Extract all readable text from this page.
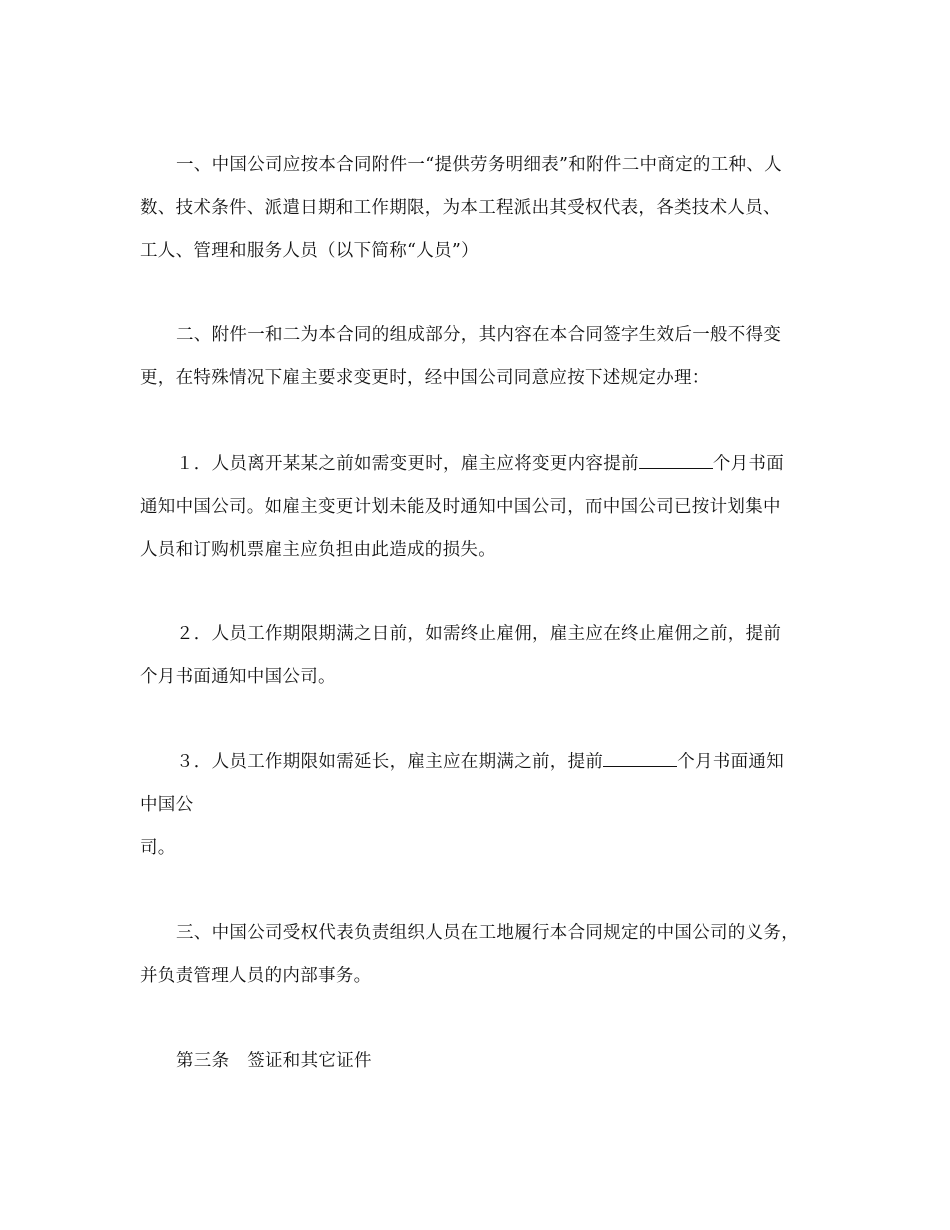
一、中国公司应按本合同附件一“提供劳务明细表”和附件二中商定的工种、人
数、技术条件、派遣日期和工作期限，为本工程派出其受权代表，各类技术人员、
工人、管理和服务人员（以下简称“人员”）
二、附件一和二为本合同的组成部分，其内容在本合同签字生效后一般不得变
更，在特殊情况下雇主要求变更时，经中国公司同意应按下述规定办理：
１．人员离开某某之前如需变更时，雇主应将变更内容提前	个月书面
通知中国公司。如雇主变更计划未能及时通知中国公司，而中国公司已按计划集中
人员和订购机票雇主应负担由此造成的损失。
２．人员工作期限期满之日前，如需终止雇佣，雇主应在终止雇佣之前，提前
个月书面通知中国公司。
３．人员工作期限如需延长，雇主应在期满之前，提前	个月书面通知
中国公
司。
三、中国公司受权代表负责组织人员在工地履行本合同规定的中国公司的义务，
并负责管理人员的内部事务。
第三条　签证和其它证件
